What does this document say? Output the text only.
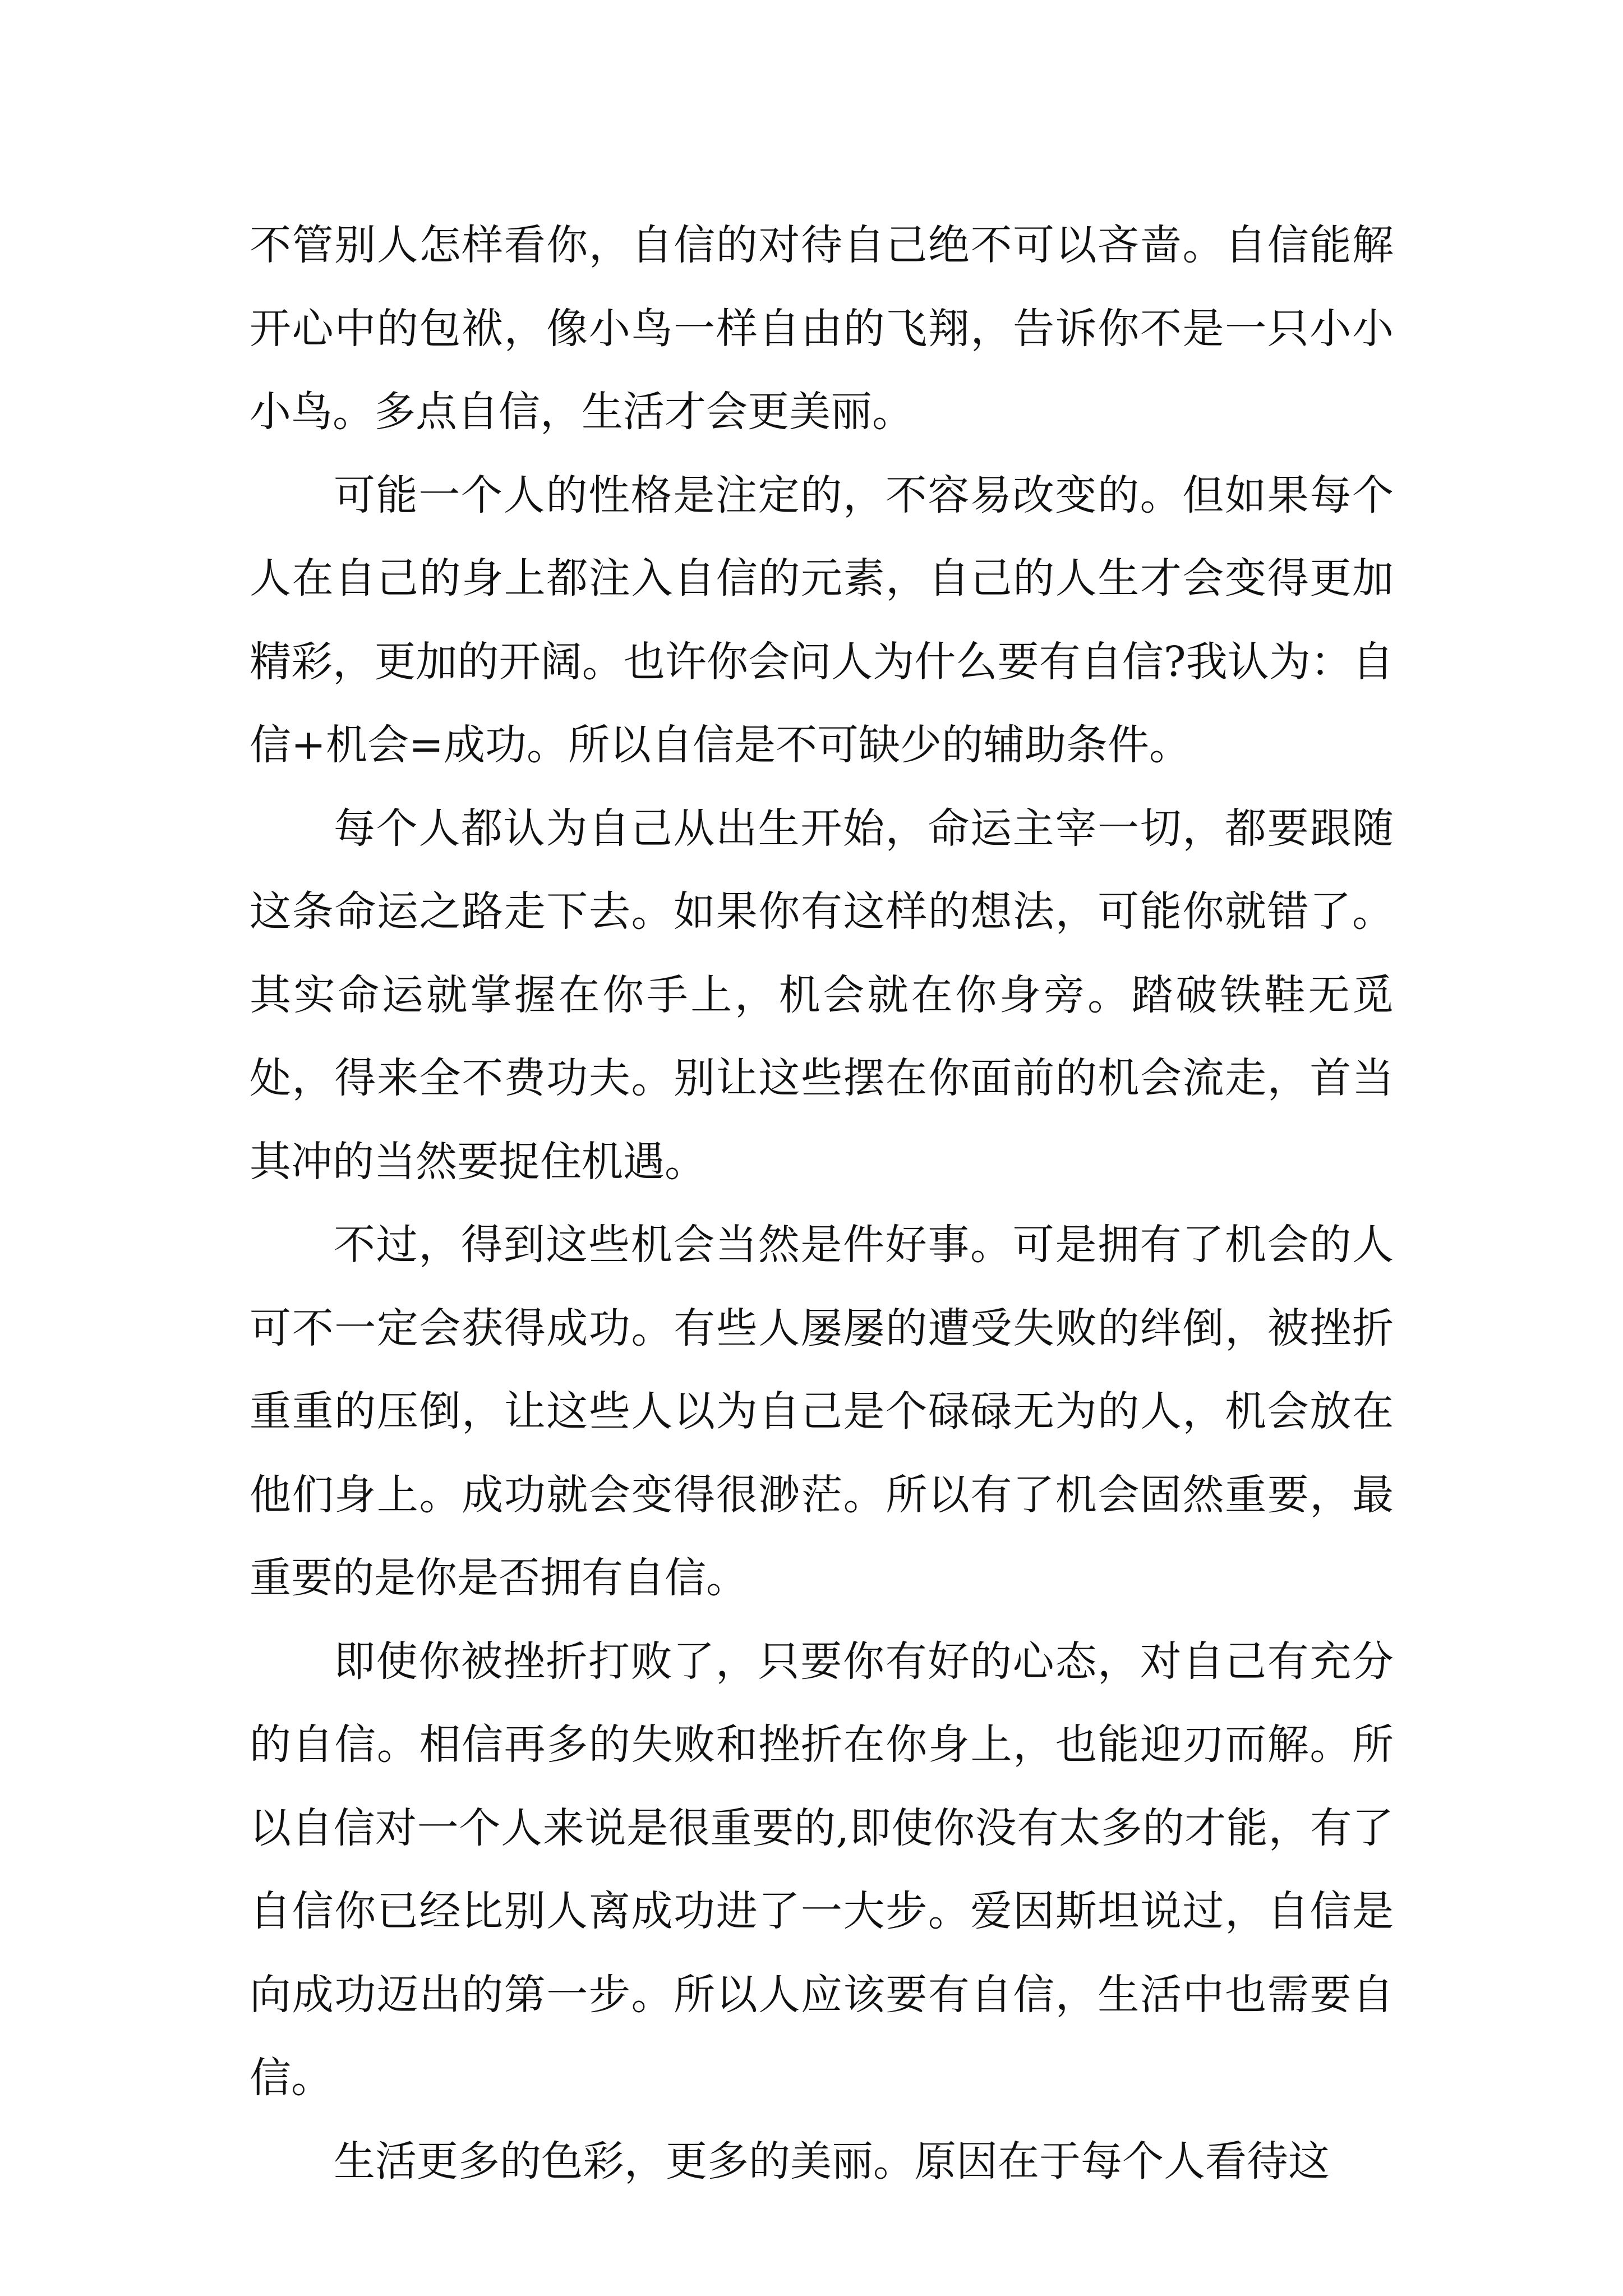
不管别人怎样看你，自信的对待自己绝不可以吝啬。自信能解开心中的包袱，像小鸟一样自由的飞翔，告诉你不是一只小小小鸟。多点自信，生活才会更美丽。

可能一个人的性格是注定的，不容易改变的。但如果每个人在自己的身上都注入自信的元素，自己的人生才会变得更加精彩，更加的开阔。也许你会问人为什么要有自信?我认为：自信+机会=成功。所以自信是不可缺少的辅助条件。

每个人都认为自己从出生开始，命运主宰一切，都要跟随这条命运之路走下去。如果你有这样的想法，可能你就错了。其实命运就掌握在你手上，机会就在你身旁。踏破铁鞋无觅处，得来全不费功夫。别让这些摆在你面前的机会流走，首当其冲的当然要捉住机遇。

不过，得到这些机会当然是件好事。可是拥有了机会的人可不一定会获得成功。有些人屡屡的遭受失败的绊倒，被挫折重重的压倒，让这些人以为自己是个碌碌无为的人，机会放在他们身上。成功就会变得很渺茫。所以有了机会固然重要，最重要的是你是否拥有自信。

即使你被挫折打败了，只要你有好的心态，对自己有充分的自信。相信再多的失败和挫折在你身上，也能迎刃而解。所以自信对一个人来说是很重要的,即使你没有太多的才能，有了自信你已经比别人离成功进了一大步。爱因斯坦说过，自信是向成功迈出的第一步。所以人应该要有自信，生活中也需要自信。

生活更多的色彩，更多的美丽。原因在于每个人看待这
